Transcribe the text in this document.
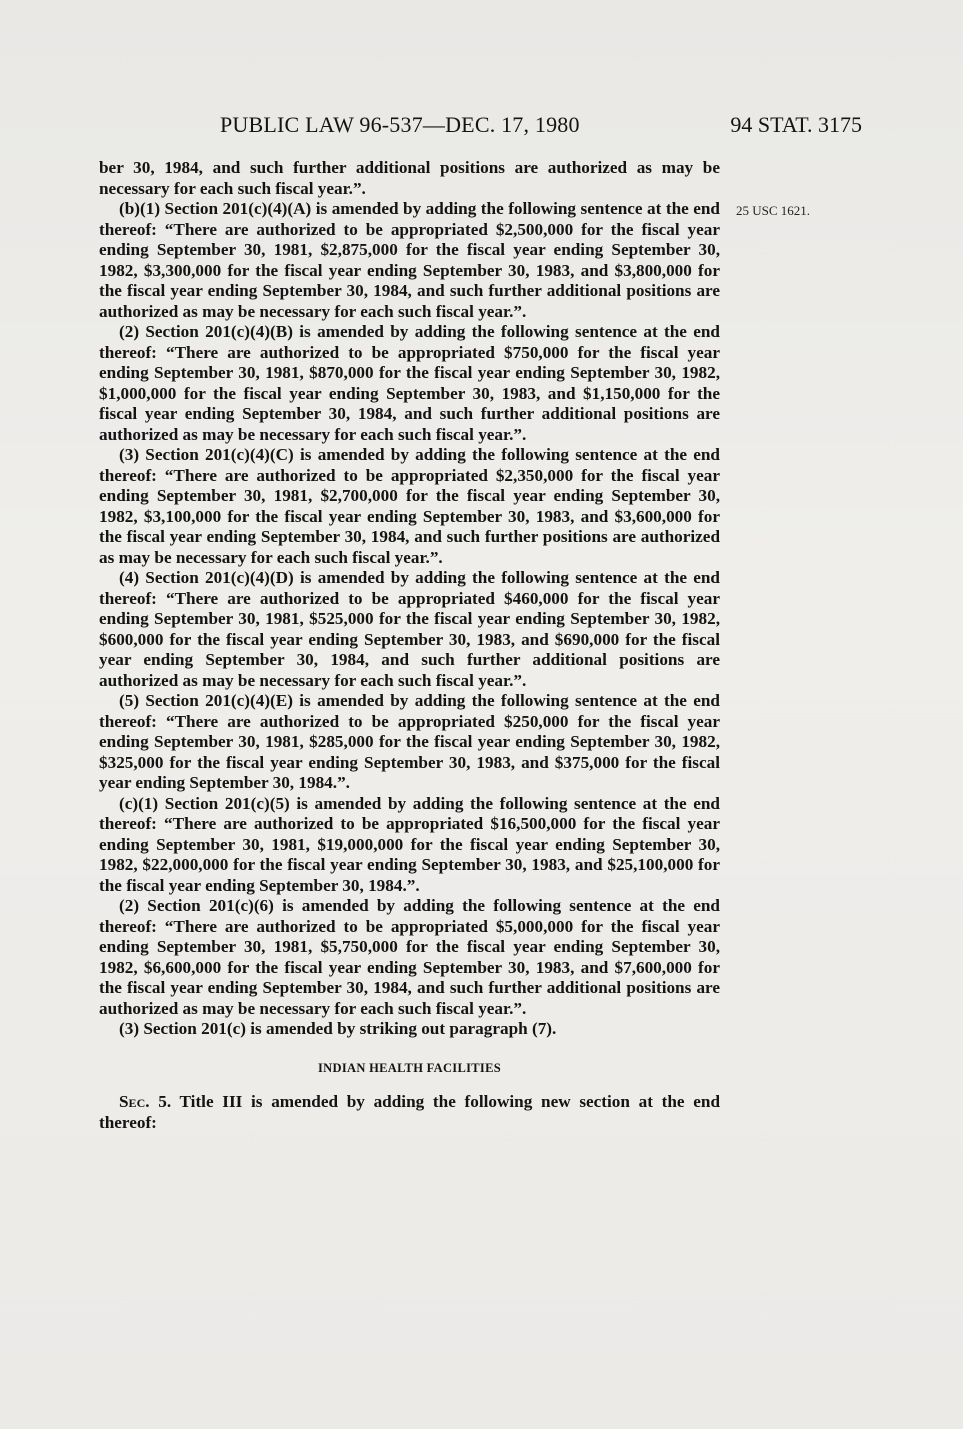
PUBLIC LAW 96-537—DEC. 17, 1980	94 STAT. 3175
25 USC 1621.

ber 30, 1984, and such further additional positions are authorized as may be necessary for each such fiscal year.”.

(b)(1) Section 201(c)(4)(A) is amended by adding the following sentence at the end thereof: “There are authorized to be appropriated $2,500,000 for the fiscal year ending September 30, 1981, $2,875,000 for the fiscal year ending September 30, 1982, $3,300,000 for the fiscal year ending September 30, 1983, and $3,800,000 for the fiscal year ending September 30, 1984, and such further additional positions are authorized as may be necessary for each such fiscal year.”.

(2) Section 201(c)(4)(B) is amended by adding the following sentence at the end thereof: “There are authorized to be appropriated $750,000 for the fiscal year ending September 30, 1981, $870,000 for the fiscal year ending September 30, 1982, $1,000,000 for the fiscal year ending September 30, 1983, and $1,150,000 for the fiscal year ending September 30, 1984, and such further additional positions are authorized as may be necessary for each such fiscal year.”.

(3) Section 201(c)(4)(C) is amended by adding the following sentence at the end thereof: “There are authorized to be appropriated $2,350,000 for the fiscal year ending September 30, 1981, $2,700,000 for the fiscal year ending September 30, 1982, $3,100,000 for the fiscal year ending September 30, 1983, and $3,600,000 for the fiscal year ending September 30, 1984, and such further positions are authorized as may be necessary for each such fiscal year.”.

(4) Section 201(c)(4)(D) is amended by adding the following sentence at the end thereof: “There are authorized to be appropriated $460,000 for the fiscal year ending September 30, 1981, $525,000 for the fiscal year ending September 30, 1982, $600,000 for the fiscal year ending September 30, 1983, and $690,000 for the fiscal year ending September 30, 1984, and such further additional positions are authorized as may be necessary for each such fiscal year.”.

(5) Section 201(c)(4)(E) is amended by adding the following sentence at the end thereof: “There are authorized to be appropriated $250,000 for the fiscal year ending September 30, 1981, $285,000 for the fiscal year ending September 30, 1982, $325,000 for the fiscal year ending September 30, 1983, and $375,000 for the fiscal year ending September 30, 1984.”.

(c)(1) Section 201(c)(5) is amended by adding the following sentence at the end thereof: “There are authorized to be appropriated $16,500,000 for the fiscal year ending September 30, 1981, $19,000,000 for the fiscal year ending September 30, 1982, $22,000,000 for the fiscal year ending September 30, 1983, and $25,100,000 for the fiscal year ending September 30, 1984.”.

(2) Section 201(c)(6) is amended by adding the following sentence at the end thereof: “There are authorized to be appropriated $5,000,000 for the fiscal year ending September 30, 1981, $5,750,000 for the fiscal year ending September 30, 1982, $6,600,000 for the fiscal year ending September 30, 1983, and $7,600,000 for the fiscal year ending September 30, 1984, and such further additional positions are authorized as may be necessary for each such fiscal year.”.

(3) Section 201(c) is amended by striking out paragraph (7).

INDIAN HEALTH FACILITIES

Sec. 5. Title III is amended by adding the following new section at the end thereof:
